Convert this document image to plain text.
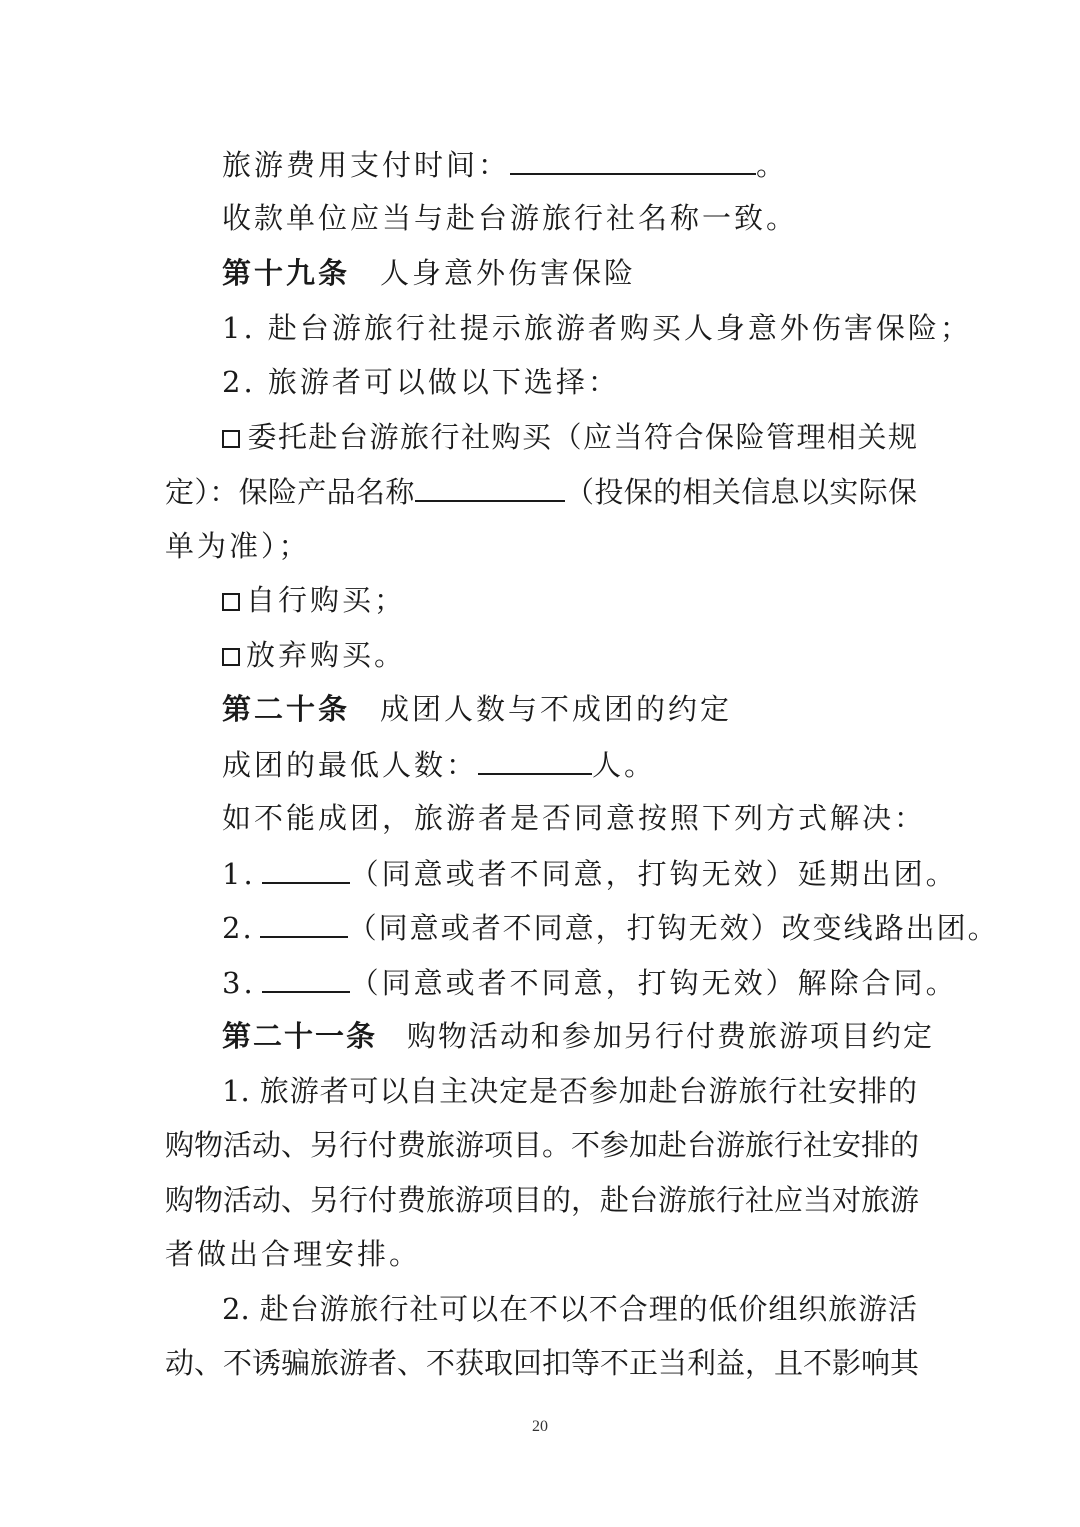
旅游费用支付时间：	。
收款单位应当与赴台游旅行社名称一致。
第十九条 人身意外伤害保险
1. 赴台游旅行社提示旅游者购买人身意外伤害保险；
2. 旅游者可以做以下选择：
委托赴台游旅行社购买（应当符合保险管理相关规
定）：保险产品名称	（投保的相关信息以实际保
单为准）；
自行购买；
放弃购买。
第二十条 成团人数与不成团的约定
成团的最低人数：	人。
如不能成团，旅游者是否同意按照下列方式解决：
1.	（同意或者不同意，打钩无效）延期出团。
2.	（同意或者不同意，打钩无效）改变线路出团。
3.	（同意或者不同意，打钩无效）解除合同。
第二十一条 购物活动和参加另行付费旅游项目约定
1. 旅游者可以自主决定是否参加赴台游旅行社安排的
购物活动、另行付费旅游项目。不参加赴台游旅行社安排的
购物活动、另行付费旅游项目的，赴台游旅行社应当对旅游
者做出合理安排。
2. 赴台游旅行社可以在不以不合理的低价组织旅游活
动、不诱骗旅游者、不获取回扣等不正当利益，且不影响其
20
